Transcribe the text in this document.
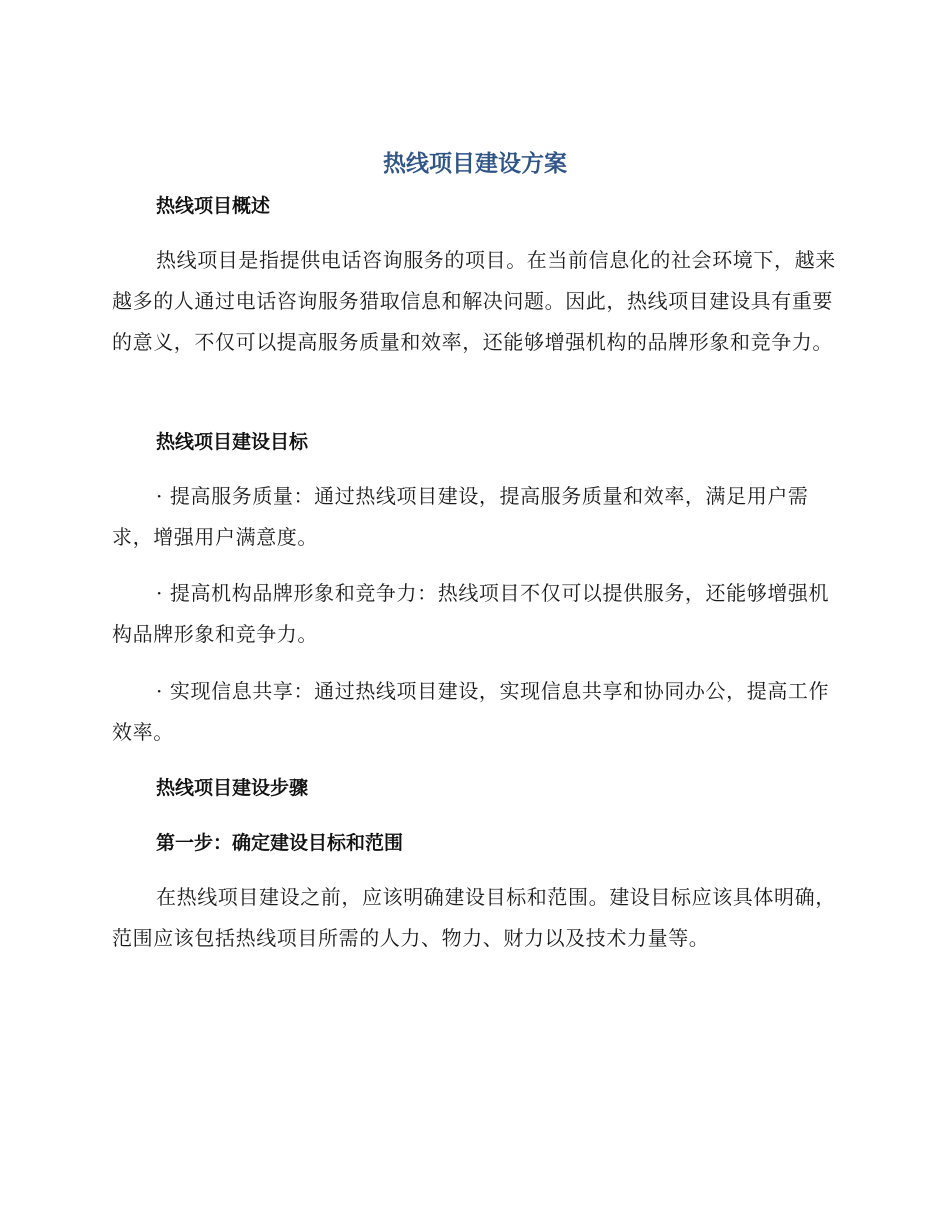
热线项目建设方案
热线项目概述

热线项目是指提供电话咨询服务的项目。在当前信息化的社会环境下，越来越多的人通过电话咨询服务猎取信息和解决问题。因此，热线项目建设具有重要的意义，不仅可以提高服务质量和效率，还能够增强机构的品牌形象和竞争力。

热线项目建设目标

· 提高服务质量：通过热线项目建设，提高服务质量和效率，满足用户需求，增强用户满意度。

· 提高机构品牌形象和竞争力：热线项目不仅可以提供服务，还能够增强机构品牌形象和竞争力。

· 实现信息共享：通过热线项目建设，实现信息共享和协同办公，提高工作效率。

热线项目建设步骤
第一步：确定建设目标和范围

在热线项目建设之前，应该明确建设目标和范围。建设目标应该具体明确，范围应该包括热线项目所需的人力、物力、财力以及技术力量等。
